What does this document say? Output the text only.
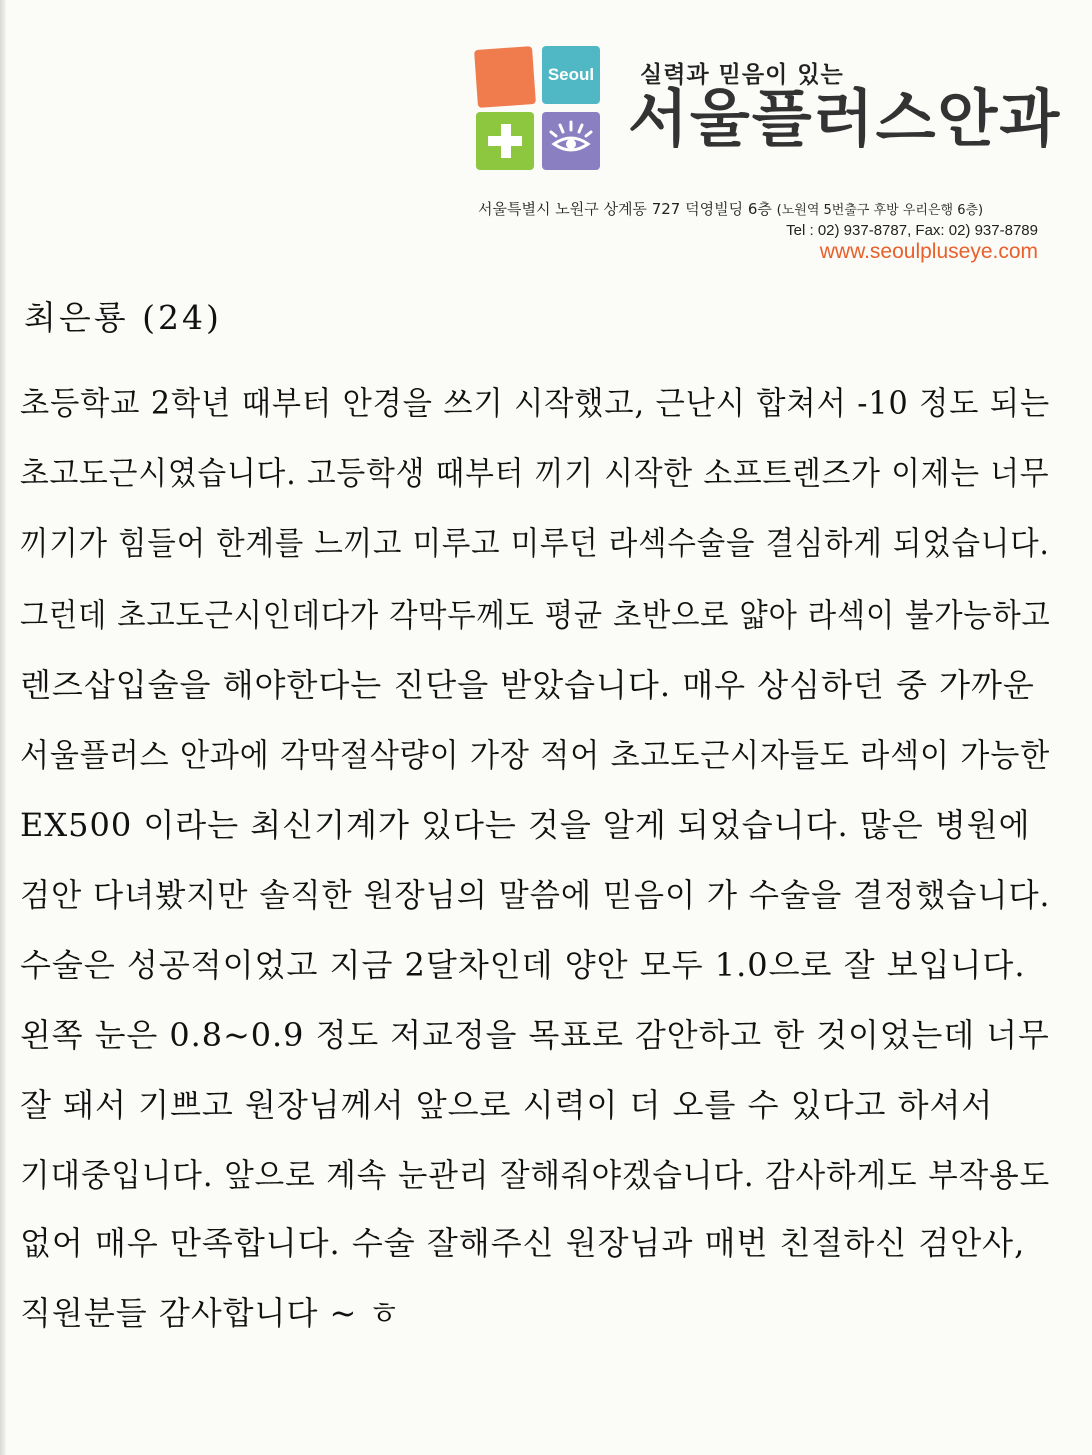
Seoul 실력과 믿음이 있는
서울플러스안과
서울특별시 노원구 상계동 727 덕영빌딩 6층 (노원역 5번출구 후방 우리은행 6층)
Tel : 02) 937-8787, Fax: 02) 937-8789
www.seoulpluseye.com
최은룡 (24)
초등학교 2학년 때부터 안경을 쓰기 시작했고, 근난시 합쳐서 -10 정도 되는
초고도근시였습니다. 고등학생 때부터 끼기 시작한 소프트렌즈가 이제는 너무
끼기가 힘들어 한계를 느끼고 미루고 미루던 라섹수술을 결심하게 되었습니다.
그런데 초고도근시인데다가 각막두께도 평균 초반으로 얇아 라섹이 불가능하고
렌즈삽입술을 해야한다는 진단을 받았습니다. 매우 상심하던 중 가까운
서울플러스 안과에 각막절삭량이 가장 적어 초고도근시자들도 라섹이 가능한
EX500 이라는 최신기계가 있다는 것을 알게 되었습니다. 많은 병원에
검안 다녀봤지만 솔직한 원장님의 말씀에 믿음이 가 수술을 결정했습니다.
수술은 성공적이었고 지금 2달차인데 양안 모두 1.0으로 잘 보입니다.
왼쪽 눈은 0.8~0.9 정도 저교정을 목표로 감안하고 한 것이었는데 너무
잘 돼서 기쁘고 원장님께서 앞으로 시력이 더 오를 수 있다고 하셔서
기대중입니다. 앞으로 계속 눈관리 잘해줘야겠습니다. 감사하게도 부작용도
없어 매우 만족합니다. 수술 잘해주신 원장님과 매번 친절하신 검안사,
직원분들 감사합니다 ~ ㅎ
